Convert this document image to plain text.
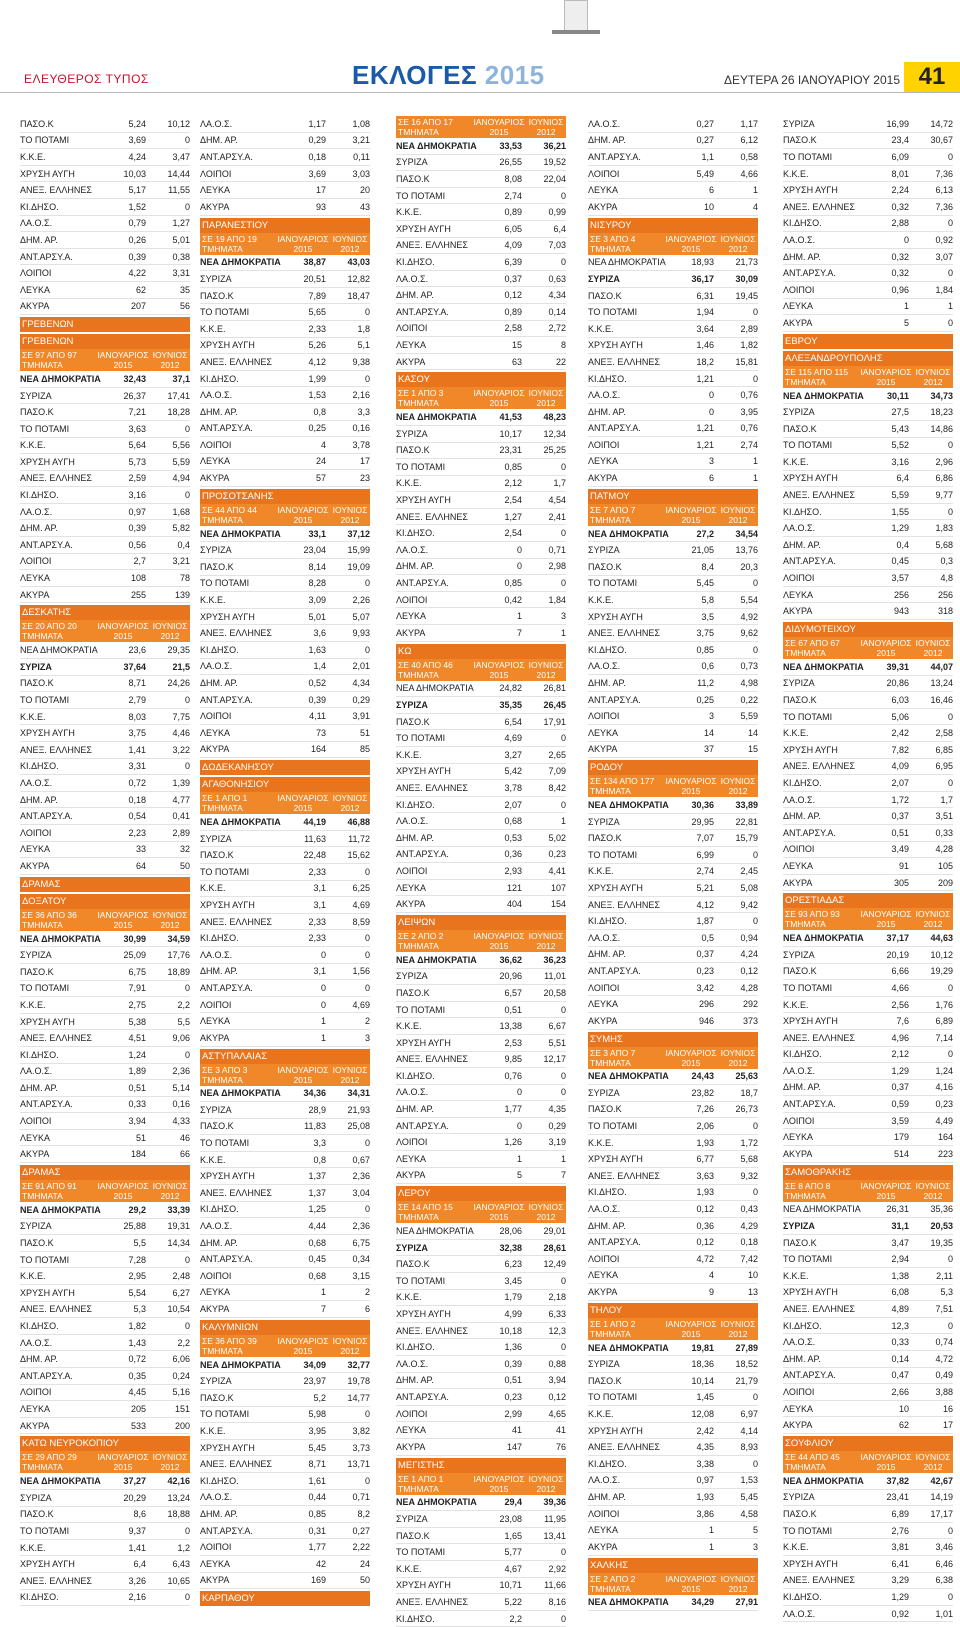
ΕΛΕΥΘΕΡΟΣ ΤΥΠΟΣ	ΕΚΛΟΓΕΣ 2015	ΔΕΥΤΕΡΑ 26 ΙΑΝΟΥΑΡΙΟΥ 2015 41
ΠΑΣΟ.Κ	5,24	10,12
ΤΟ ΠΟΤΑΜΙ	3,69	0
Κ.Κ.Ε.	4,24	3,47
ΧΡΥΣΗ ΑΥΓΗ	10,03	14,44
ΑΝΕΞ. ΕΛΛΗΝΕΣ	5,17	11,55
ΚΙ.ΔΗΣΟ.	1,52	0
ΛΑ.Ο.Σ.	0,79	1,27
ΔΗΜ. ΑΡ.	0,26	5,01
ΑΝΤ.ΑΡΣΥ.Α.	0,39	0,38
ΛΟΙΠΟΙ	4,22	3,31
ΛΕΥΚΑ	62	35
ΑΚΥΡΑ	207	56
ΓΡΕΒΕΝΩΝ
ΓΡΕΒΕΝΩΝ
ΣΕ 97 ΑΠΟ 97 ΤΜΗΜΑΤΑ
ΙΑΝΟΥΑΡΙΟΣ 2015
ΙΟΥΝΙΟΣ 2012
ΝΕΑ ΔΗΜΟΚΡΑΤΙΑ	32,43	37,1
ΣΥΡΙΖΑ	26,37	17,41
ΠΑΣΟ.Κ	7,21	18,28
ΤΟ ΠΟΤΑΜΙ	3,63	0
Κ.Κ.Ε.	5,64	5,56
ΧΡΥΣΗ ΑΥΓΗ	5,73	5,59
ΑΝΕΞ. ΕΛΛΗΝΕΣ	2,59	4,94
ΚΙ.ΔΗΣΟ.	3,16	0
ΛΑ.Ο.Σ.	0,97	1,68
ΔΗΜ. ΑΡ.	0,39	5,82
ΑΝΤ.ΑΡΣΥ.Α.	0,56	0,4
ΛΟΙΠΟΙ	2,7	3,21
ΛΕΥΚΑ	108	78
ΑΚΥΡΑ	255	139
ΔΕΣΚΑΤΗΣ
ΣΕ 20 ΑΠΟ 20 ΤΜΗΜΑΤΑ
ΙΑΝΟΥΑΡΙΟΣ 2015
ΙΟΥΝΙΟΣ 2012
ΝΕΑ ΔΗΜΟΚΡΑΤΙΑ	23,6	29,35
ΣΥΡΙΖΑ	37,64	21,5
ΠΑΣΟ.Κ	8,71	24,26
ΤΟ ΠΟΤΑΜΙ	2,79	0
Κ.Κ.Ε.	8,03	7,75
ΧΡΥΣΗ ΑΥΓΗ	3,75	4,46
ΑΝΕΞ. ΕΛΛΗΝΕΣ	1,41	3,22
ΚΙ.ΔΗΣΟ.	3,31	0
ΛΑ.Ο.Σ.	0,72	1,39
ΔΗΜ. ΑΡ.	0,18	4,77
ΑΝΤ.ΑΡΣΥ.Α.	0,54	0,41
ΛΟΙΠΟΙ	2,23	2,89
ΛΕΥΚΑ	33	32
ΑΚΥΡΑ	64	50
ΔΡΑΜΑΣ
ΔΟΞΑΤΟΥ
ΣΕ 36 ΑΠΟ 36 ΤΜΗΜΑΤΑ
ΙΑΝΟΥΑΡΙΟΣ 2015
ΙΟΥΝΙΟΣ 2012
ΝΕΑ ΔΗΜΟΚΡΑΤΙΑ	30,99	34,59
ΣΥΡΙΖΑ	25,09	17,76
ΠΑΣΟ.Κ	6,75	18,89
ΤΟ ΠΟΤΑΜΙ	7,91	0
Κ.Κ.Ε.	2,75	2,2
ΧΡΥΣΗ ΑΥΓΗ	5,38	5,5
ΑΝΕΞ. ΕΛΛΗΝΕΣ	4,51	9,06
ΚΙ.ΔΗΣΟ.	1,24	0
ΛΑ.Ο.Σ.	1,89	2,36
ΔΗΜ. ΑΡ.	0,51	5,14
ΑΝΤ.ΑΡΣΥ.Α.	0,33	0,16
ΛΟΙΠΟΙ	3,94	4,33
ΛΕΥΚΑ	51	46
ΑΚΥΡΑ	184	66
ΔΡΑΜΑΣ
ΣΕ 91 ΑΠΟ 91 ΤΜΗΜΑΤΑ
ΙΑΝΟΥΑΡΙΟΣ 2015
ΙΟΥΝΙΟΣ 2012
ΝΕΑ ΔΗΜΟΚΡΑΤΙΑ	29,2	33,39
ΣΥΡΙΖΑ	25,88	19,31
ΠΑΣΟ.Κ	5,5	14,34
ΤΟ ΠΟΤΑΜΙ	7,28	0
Κ.Κ.Ε.	2,95	2,48
ΧΡΥΣΗ ΑΥΓΗ	5,54	6,27
ΑΝΕΞ. ΕΛΛΗΝΕΣ	5,3	10,54
ΚΙ.ΔΗΣΟ.	1,82	0
ΛΑ.Ο.Σ.	1,43	2,2
ΔΗΜ. ΑΡ.	0,72	6,06
ΑΝΤ.ΑΡΣΥ.Α.	0,35	0,24
ΛΟΙΠΟΙ	4,45	5,16
ΛΕΥΚΑ	205	151
ΑΚΥΡΑ	533	200
ΚΑΤΩ ΝΕΥΡΟΚΟΠΙΟΥ
ΣΕ 29 ΑΠΟ 29 ΤΜΗΜΑΤΑ
ΙΑΝΟΥΑΡΙΟΣ 2015
ΙΟΥΝΙΟΣ 2012
ΝΕΑ ΔΗΜΟΚΡΑΤΙΑ	37,27	42,16
ΣΥΡΙΖΑ	20,29	13,24
ΠΑΣΟ.Κ	8,6	18,88
ΤΟ ΠΟΤΑΜΙ	9,37	0
Κ.Κ.Ε.	1,41	1,2
ΧΡΥΣΗ ΑΥΓΗ	6,4	6,43
ΑΝΕΞ. ΕΛΛΗΝΕΣ	3,26	10,65
ΚΙ.ΔΗΣΟ.	2,16	0
ΛΑ.Ο.Σ.	1,17	1,08
ΔΗΜ. ΑΡ.	0,29	3,21
ΑΝΤ.ΑΡΣΥ.Α.	0,18	0,11
ΛΟΙΠΟΙ	3,69	3,03
ΛΕΥΚΑ	17	20
ΑΚΥΡΑ	93	43
ΠΑΡΑΝΕΣΤΙΟΥ
ΣΕ 19 ΑΠΟ 19 ΤΜΗΜΑΤΑ
ΙΑΝΟΥΑΡΙΟΣ 2015
ΙΟΥΝΙΟΣ 2012
ΝΕΑ ΔΗΜΟΚΡΑΤΙΑ	38,87	43,03
ΣΥΡΙΖΑ	20,51	12,82
ΠΑΣΟ.Κ	7,89	18,47
ΤΟ ΠΟΤΑΜΙ	5,65	0
Κ.Κ.Ε.	2,33	1,8
ΧΡΥΣΗ ΑΥΓΗ	5,26	5,1
ΑΝΕΞ. ΕΛΛΗΝΕΣ	4,12	9,38
ΚΙ.ΔΗΣΟ.	1,99	0
ΛΑ.Ο.Σ.	1,53	2,16
ΔΗΜ. ΑΡ.	0,8	3,3
ΑΝΤ.ΑΡΣΥ.Α.	0,25	0,16
ΛΟΙΠΟΙ	4	3,78
ΛΕΥΚΑ	24	17
ΑΚΥΡΑ	57	23
ΠΡΟΣΟΤΣΑΝΗΣ
ΣΕ 44 ΑΠΟ 44 ΤΜΗΜΑΤΑ
ΙΑΝΟΥΑΡΙΟΣ 2015
ΙΟΥΝΙΟΣ 2012
ΝΕΑ ΔΗΜΟΚΡΑΤΙΑ	33,1	37,12
ΣΥΡΙΖΑ	23,04	15,99
ΠΑΣΟ.Κ	8,14	19,09
ΤΟ ΠΟΤΑΜΙ	8,28	0
Κ.Κ.Ε.	3,09	2,26
ΧΡΥΣΗ ΑΥΓΗ	5,01	5,07
ΑΝΕΞ. ΕΛΛΗΝΕΣ	3,6	9,93
ΚΙ.ΔΗΣΟ.	1,63	0
ΛΑ.Ο.Σ.	1,4	2,01
ΔΗΜ. ΑΡ.	0,52	4,34
ΑΝΤ.ΑΡΣΥ.Α.	0,39	0,29
ΛΟΙΠΟΙ	4,11	3,91
ΛΕΥΚΑ	73	51
ΑΚΥΡΑ	164	85
ΔΩΔΕΚΑΝΗΣΟΥ
ΑΓΑΘΟΝΗΣΙΟΥ
ΣΕ 1 ΑΠΟ 1 ΤΜΗΜΑΤΑ
ΙΑΝΟΥΑΡΙΟΣ 2015
ΙΟΥΝΙΟΣ 2012
ΝΕΑ ΔΗΜΟΚΡΑΤΙΑ	44,19	46,88
ΣΥΡΙΖΑ	11,63	11,72
ΠΑΣΟ.Κ	22,48	15,62
ΤΟ ΠΟΤΑΜΙ	2,33	0
Κ.Κ.Ε.	3,1	6,25
ΧΡΥΣΗ ΑΥΓΗ	3,1	4,69
ΑΝΕΞ. ΕΛΛΗΝΕΣ	2,33	8,59
ΚΙ.ΔΗΣΟ.	2,33	0
ΛΑ.Ο.Σ.	0	0
ΔΗΜ. ΑΡ.	3,1	1,56
ΑΝΤ.ΑΡΣΥ.Α.	0	0
ΛΟΙΠΟΙ	0	4,69
ΛΕΥΚΑ	1	2
ΑΚΥΡΑ	1	3
ΑΣΤΥΠΑΛΑΙΑΣ
ΣΕ 3 ΑΠΟ 3 ΤΜΗΜΑΤΑ
ΙΑΝΟΥΑΡΙΟΣ 2015
ΙΟΥΝΙΟΣ 2012
ΝΕΑ ΔΗΜΟΚΡΑΤΙΑ	34,36	34,31
ΣΥΡΙΖΑ	28,9	21,93
ΠΑΣΟ.Κ	11,83	25,08
ΤΟ ΠΟΤΑΜΙ	3,3	0
Κ.Κ.Ε.	0,8	0,67
ΧΡΥΣΗ ΑΥΓΗ	1,37	2,36
ΑΝΕΞ. ΕΛΛΗΝΕΣ	1,37	3,04
ΚΙ.ΔΗΣΟ.	1,25	0
ΛΑ.Ο.Σ.	4,44	2,36
ΔΗΜ. ΑΡ.	0,68	6,75
ΑΝΤ.ΑΡΣΥ.Α.	0,45	0,34
ΛΟΙΠΟΙ	0,68	3,15
ΛΕΥΚΑ	1	2
ΑΚΥΡΑ	7	6
ΚΑΛΥΜΝΙΩΝ
ΣΕ 36 ΑΠΟ 39 ΤΜΗΜΑΤΑ
ΙΑΝΟΥΑΡΙΟΣ 2015
ΙΟΥΝΙΟΣ 2012
ΝΕΑ ΔΗΜΟΚΡΑΤΙΑ	34,09	32,77
ΣΥΡΙΖΑ	23,97	19,78
ΠΑΣΟ.Κ	5,2	14,77
ΤΟ ΠΟΤΑΜΙ	5,98	0
Κ.Κ.Ε.	3,95	3,82
ΧΡΥΣΗ ΑΥΓΗ	5,45	3,73
ΑΝΕΞ. ΕΛΛΗΝΕΣ	8,71	13,71
ΚΙ.ΔΗΣΟ.	1,61	0
ΛΑ.Ο.Σ.	0,44	0,71
ΔΗΜ. ΑΡ.	0,85	8,2
ΑΝΤ.ΑΡΣΥ.Α.	0,31	0,27
ΛΟΙΠΟΙ	1,77	2,22
ΛΕΥΚΑ	42	24
ΑΚΥΡΑ	169	50
ΚΑΡΠΑΘΟΥ
ΣΕ 16 ΑΠΟ 17 ΤΜΗΜΑΤΑ
ΙΑΝΟΥΑΡΙΟΣ 2015
ΙΟΥΝΙΟΣ 2012
ΝΕΑ ΔΗΜΟΚΡΑΤΙΑ	33,53	36,21
ΣΥΡΙΖΑ	26,55	19,52
ΠΑΣΟ.Κ	8,08	22,04
ΤΟ ΠΟΤΑΜΙ	2,74	0
Κ.Κ.Ε.	0,89	0,99
ΧΡΥΣΗ ΑΥΓΗ	6,05	6,4
ΑΝΕΞ. ΕΛΛΗΝΕΣ	4,09	7,03
ΚΙ.ΔΗΣΟ.	6,39	0
ΛΑ.Ο.Σ.	0,37	0,63
ΔΗΜ. ΑΡ.	0,12	4,34
ΑΝΤ.ΑΡΣΥ.Α.	0,89	0,14
ΛΟΙΠΟΙ	2,58	2,72
ΛΕΥΚΑ	15	8
ΑΚΥΡΑ	63	22
ΚΑΣΟΥ
ΣΕ 1 ΑΠΟ 3 ΤΜΗΜΑΤΑ
ΙΑΝΟΥΑΡΙΟΣ 2015
ΙΟΥΝΙΟΣ 2012
ΝΕΑ ΔΗΜΟΚΡΑΤΙΑ	41,53	48,23
ΣΥΡΙΖΑ	10,17	12,34
ΠΑΣΟ.Κ	23,31	25,25
ΤΟ ΠΟΤΑΜΙ	0,85	0
Κ.Κ.Ε.	2,12	1,7
ΧΡΥΣΗ ΑΥΓΗ	2,54	4,54
ΑΝΕΞ. ΕΛΛΗΝΕΣ	1,27	2,41
ΚΙ.ΔΗΣΟ.	2,54	0
ΛΑ.Ο.Σ.	0	0,71
ΔΗΜ. ΑΡ.	0	2,98
ΑΝΤ.ΑΡΣΥ.Α.	0,85	0
ΛΟΙΠΟΙ	0,42	1,84
ΛΕΥΚΑ	1	3
ΑΚΥΡΑ	7	1
ΚΩ
ΣΕ 40 ΑΠΟ 46 ΤΜΗΜΑΤΑ
ΙΑΝΟΥΑΡΙΟΣ 2015
ΙΟΥΝΙΟΣ 2012
ΝΕΑ ΔΗΜΟΚΡΑΤΙΑ	24,82	26,81
ΣΥΡΙΖΑ	35,35	26,45
ΠΑΣΟ.Κ	6,54	17,91
ΤΟ ΠΟΤΑΜΙ	4,69	0
Κ.Κ.Ε.	3,27	2,65
ΧΡΥΣΗ ΑΥΓΗ	5,42	7,09
ΑΝΕΞ. ΕΛΛΗΝΕΣ	3,78	8,42
ΚΙ.ΔΗΣΟ.	2,07	0
ΛΑ.Ο.Σ.	0,68	1
ΔΗΜ. ΑΡ.	0,53	5,02
ΑΝΤ.ΑΡΣΥ.Α.	0,36	0,23
ΛΟΙΠΟΙ	2,93	4,41
ΛΕΥΚΑ	121	107
ΑΚΥΡΑ	404	154
ΛΕΙΨΩΝ
ΣΕ 2 ΑΠΟ 2 ΤΜΗΜΑΤΑ
ΙΑΝΟΥΑΡΙΟΣ 2015
ΙΟΥΝΙΟΣ 2012
ΝΕΑ ΔΗΜΟΚΡΑΤΙΑ	36,62	36,23
ΣΥΡΙΖΑ	20,96	11,01
ΠΑΣΟ.Κ	6,57	20,58
ΤΟ ΠΟΤΑΜΙ	0,51	0
Κ.Κ.Ε.	13,38	6,67
ΧΡΥΣΗ ΑΥΓΗ	2,53	5,51
ΑΝΕΞ. ΕΛΛΗΝΕΣ	9,85	12,17
ΚΙ.ΔΗΣΟ.	0,76	0
ΛΑ.Ο.Σ.	0	0
ΔΗΜ. ΑΡ.	1,77	4,35
ΑΝΤ.ΑΡΣΥ.Α.	0	0,29
ΛΟΙΠΟΙ	1,26	3,19
ΛΕΥΚΑ	1	1
ΑΚΥΡΑ	5	7
ΛΕΡΟΥ
ΣΕ 14 ΑΠΟ 15 ΤΜΗΜΑΤΑ
ΙΑΝΟΥΑΡΙΟΣ 2015
ΙΟΥΝΙΟΣ 2012
ΝΕΑ ΔΗΜΟΚΡΑΤΙΑ	28,06	29,01
ΣΥΡΙΖΑ	32,38	28,61
ΠΑΣΟ.Κ	6,23	12,49
ΤΟ ΠΟΤΑΜΙ	3,45	0
Κ.Κ.Ε.	1,79	2,18
ΧΡΥΣΗ ΑΥΓΗ	4,99	6,33
ΑΝΕΞ. ΕΛΛΗΝΕΣ	10,18	12,3
ΚΙ.ΔΗΣΟ.	1,36	0
ΛΑ.Ο.Σ.	0,39	0,88
ΔΗΜ. ΑΡ.	0,51	3,94
ΑΝΤ.ΑΡΣΥ.Α.	0,23	0,12
ΛΟΙΠΟΙ	2,99	4,65
ΛΕΥΚΑ	41	41
ΑΚΥΡΑ	147	76
ΜΕΓΙΣΤΗΣ
ΣΕ 1 ΑΠΟ 1 ΤΜΗΜΑΤΑ
ΙΑΝΟΥΑΡΙΟΣ 2015
ΙΟΥΝΙΟΣ 2012
ΝΕΑ ΔΗΜΟΚΡΑΤΙΑ	29,4	39,36
ΣΥΡΙΖΑ	23,08	11,95
ΠΑΣΟ.Κ	1,65	13,41
ΤΟ ΠΟΤΑΜΙ	5,77	0
Κ.Κ.Ε.	4,67	2,92
ΧΡΥΣΗ ΑΥΓΗ	10,71	11,66
ΑΝΕΞ. ΕΛΛΗΝΕΣ	5,22	8,16
ΚΙ.ΔΗΣΟ.	2,2	0
ΛΑ.Ο.Σ.	0,27	1,17
ΔΗΜ. ΑΡ.	0,27	6,12
ΑΝΤ.ΑΡΣΥ.Α.	1,1	0,58
ΛΟΙΠΟΙ	5,49	4,66
ΛΕΥΚΑ	6	1
ΑΚΥΡΑ	10	4
ΝΙΣΥΡΟΥ
ΣΕ 3 ΑΠΟ 4 ΤΜΗΜΑΤΑ
ΙΑΝΟΥΑΡΙΟΣ 2015
ΙΟΥΝΙΟΣ 2012
ΝΕΑ ΔΗΜΟΚΡΑΤΙΑ	18,93	21,73
ΣΥΡΙΖΑ	36,17	30,09
ΠΑΣΟ.Κ	6,31	19,45
ΤΟ ΠΟΤΑΜΙ	1,94	0
Κ.Κ.Ε.	3,64	2,89
ΧΡΥΣΗ ΑΥΓΗ	1,46	1,82
ΑΝΕΞ. ΕΛΛΗΝΕΣ	18,2	15,81
ΚΙ.ΔΗΣΟ.	1,21	0
ΛΑ.Ο.Σ.	0	0,76
ΔΗΜ. ΑΡ.	0	3,95
ΑΝΤ.ΑΡΣΥ.Α.	1,21	0,76
ΛΟΙΠΟΙ	1,21	2,74
ΛΕΥΚΑ	3	1
ΑΚΥΡΑ	6	1
ΠΑΤΜΟΥ
ΣΕ 7 ΑΠΟ 7 ΤΜΗΜΑΤΑ
ΙΑΝΟΥΑΡΙΟΣ 2015
ΙΟΥΝΙΟΣ 2012
ΝΕΑ ΔΗΜΟΚΡΑΤΙΑ	27,2	34,54
ΣΥΡΙΖΑ	21,05	13,76
ΠΑΣΟ.Κ	8,4	20,3
ΤΟ ΠΟΤΑΜΙ	5,45	0
Κ.Κ.Ε.	5,8	5,54
ΧΡΥΣΗ ΑΥΓΗ	3,5	4,92
ΑΝΕΞ. ΕΛΛΗΝΕΣ	3,75	9,62
ΚΙ.ΔΗΣΟ.	0,85	0
ΛΑ.Ο.Σ.	0,6	0,73
ΔΗΜ. ΑΡ.	11,2	4,98
ΑΝΤ.ΑΡΣΥ.Α.	0,25	0,22
ΛΟΙΠΟΙ	3	5,59
ΛΕΥΚΑ	14	14
ΑΚΥΡΑ	37	15
ΡΟΔΟΥ
ΣΕ 134 ΑΠΟ 177 ΤΜΗΜΑΤΑ
ΙΑΝΟΥΑΡΙΟΣ 2015
ΙΟΥΝΙΟΣ 2012
ΝΕΑ ΔΗΜΟΚΡΑΤΙΑ	30,36	33,89
ΣΥΡΙΖΑ	29,95	22,81
ΠΑΣΟ.Κ	7,07	15,79
ΤΟ ΠΟΤΑΜΙ	6,99	0
Κ.Κ.Ε.	2,74	2,45
ΧΡΥΣΗ ΑΥΓΗ	5,21	5,08
ΑΝΕΞ. ΕΛΛΗΝΕΣ	4,12	9,42
ΚΙ.ΔΗΣΟ.	1,87	0
ΛΑ.Ο.Σ.	0,5	0,94
ΔΗΜ. ΑΡ.	0,37	4,24
ΑΝΤ.ΑΡΣΥ.Α.	0,23	0,12
ΛΟΙΠΟΙ	3,42	4,28
ΛΕΥΚΑ	296	292
ΑΚΥΡΑ	946	373
ΣΥΜΗΣ
ΣΕ 3 ΑΠΟ 7 ΤΜΗΜΑΤΑ
ΙΑΝΟΥΑΡΙΟΣ 2015
ΙΟΥΝΙΟΣ 2012
ΝΕΑ ΔΗΜΟΚΡΑΤΙΑ	24,43	25,63
ΣΥΡΙΖΑ	23,82	18,7
ΠΑΣΟ.Κ	7,26	26,73
ΤΟ ΠΟΤΑΜΙ	2,06	0
Κ.Κ.Ε.	1,93	1,72
ΧΡΥΣΗ ΑΥΓΗ	6,77	5,68
ΑΝΕΞ. ΕΛΛΗΝΕΣ	3,63	9,32
ΚΙ.ΔΗΣΟ.	1,93	0
ΛΑ.Ο.Σ.	0,12	0,43
ΔΗΜ. ΑΡ.	0,36	4,29
ΑΝΤ.ΑΡΣΥ.Α.	0,12	0,18
ΛΟΙΠΟΙ	4,72	7,42
ΛΕΥΚΑ	4	10
ΑΚΥΡΑ	9	13
ΤΗΛΟΥ
ΣΕ 1 ΑΠΟ 2 ΤΜΗΜΑΤΑ
ΙΑΝΟΥΑΡΙΟΣ 2015
ΙΟΥΝΙΟΣ 2012
ΝΕΑ ΔΗΜΟΚΡΑΤΙΑ	19,81	27,89
ΣΥΡΙΖΑ	18,36	18,52
ΠΑΣΟ.Κ	10,14	21,79
ΤΟ ΠΟΤΑΜΙ	1,45	0
Κ.Κ.Ε.	12,08	6,97
ΧΡΥΣΗ ΑΥΓΗ	2,42	4,14
ΑΝΕΞ. ΕΛΛΗΝΕΣ	4,35	8,93
ΚΙ.ΔΗΣΟ.	3,38	0
ΛΑ.Ο.Σ.	0,97	1,53
ΔΗΜ. ΑΡ.	1,93	5,45
ΛΟΙΠΟΙ	3,86	4,58
ΛΕΥΚΑ	1	5
ΑΚΥΡΑ	1	3
ΧΑΛΚΗΣ
ΣΕ 2 ΑΠΟ 2 ΤΜΗΜΑΤΑ
ΙΑΝΟΥΑΡΙΟΣ 2015
ΙΟΥΝΙΟΣ 2012
ΝΕΑ ΔΗΜΟΚΡΑΤΙΑ	34,29	27,91
ΣΥΡΙΖΑ	16,99	14,72
ΠΑΣΟ.Κ	23,4	30,67
ΤΟ ΠΟΤΑΜΙ	6,09	0
Κ.Κ.Ε.	8,01	7,36
ΧΡΥΣΗ ΑΥΓΗ	2,24	6,13
ΑΝΕΞ. ΕΛΛΗΝΕΣ	0,32	7,36
ΚΙ.ΔΗΣΟ.	2,88	0
ΛΑ.Ο.Σ.	0	0,92
ΔΗΜ. ΑΡ.	0,32	3,07
ΑΝΤ.ΑΡΣΥ.Α.	0,32	0
ΛΟΙΠΟΙ	0,96	1,84
ΛΕΥΚΑ	1	1
ΑΚΥΡΑ	5	0
ΕΒΡΟΥ
ΑΛΕΞΑΝΔΡΟΥΠΟΛΗΣ
ΣΕ 115 ΑΠΟ 115 ΤΜΗΜΑΤΑ
ΙΑΝΟΥΑΡΙΟΣ 2015
ΙΟΥΝΙΟΣ 2012
ΝΕΑ ΔΗΜΟΚΡΑΤΙΑ	30,11	34,73
ΣΥΡΙΖΑ	27,5	18,23
ΠΑΣΟ.Κ	5,43	14,86
ΤΟ ΠΟΤΑΜΙ	5,52	0
Κ.Κ.Ε.	3,16	2,96
ΧΡΥΣΗ ΑΥΓΗ	6,4	6,86
ΑΝΕΞ. ΕΛΛΗΝΕΣ	5,59	9,77
ΚΙ.ΔΗΣΟ.	1,55	0
ΛΑ.Ο.Σ.	1,29	1,83
ΔΗΜ. ΑΡ.	0,4	5,68
ΑΝΤ.ΑΡΣΥ.Α.	0,45	0,3
ΛΟΙΠΟΙ	3,57	4,8
ΛΕΥΚΑ	256	256
ΑΚΥΡΑ	943	318
ΔΙΔΥΜΟΤΕΙΧΟΥ
ΣΕ 67 ΑΠΟ 67 ΤΜΗΜΑΤΑ
ΙΑΝΟΥΑΡΙΟΣ 2015
ΙΟΥΝΙΟΣ 2012
ΝΕΑ ΔΗΜΟΚΡΑΤΙΑ	39,31	44,07
ΣΥΡΙΖΑ	20,86	13,24
ΠΑΣΟ.Κ	6,03	16,46
ΤΟ ΠΟΤΑΜΙ	5,06	0
Κ.Κ.Ε.	2,42	2,58
ΧΡΥΣΗ ΑΥΓΗ	7,82	6,85
ΑΝΕΞ. ΕΛΛΗΝΕΣ	4,09	6,95
ΚΙ.ΔΗΣΟ.	2,07	0
ΛΑ.Ο.Σ.	1,72	1,7
ΔΗΜ. ΑΡ.	0,37	3,51
ΑΝΤ.ΑΡΣΥ.Α.	0,51	0,33
ΛΟΙΠΟΙ	3,49	4,28
ΛΕΥΚΑ	91	105
ΑΚΥΡΑ	305	209
ΟΡΕΣΤΙΑΔΑΣ
ΣΕ 93 ΑΠΟ 93 ΤΜΗΜΑΤΑ
ΙΑΝΟΥΑΡΙΟΣ 2015
ΙΟΥΝΙΟΣ 2012
ΝΕΑ ΔΗΜΟΚΡΑΤΙΑ	37,17	44,63
ΣΥΡΙΖΑ	20,19	10,12
ΠΑΣΟ.Κ	6,66	19,29
ΤΟ ΠΟΤΑΜΙ	4,66	0
Κ.Κ.Ε.	2,56	1,76
ΧΡΥΣΗ ΑΥΓΗ	7,6	6,89
ΑΝΕΞ. ΕΛΛΗΝΕΣ	4,96	7,14
ΚΙ.ΔΗΣΟ.	2,12	0
ΛΑ.Ο.Σ.	1,29	1,24
ΔΗΜ. ΑΡ.	0,37	4,16
ΑΝΤ.ΑΡΣΥ.Α.	0,59	0,23
ΛΟΙΠΟΙ	3,59	4,49
ΛΕΥΚΑ	179	164
ΑΚΥΡΑ	514	223
ΣΑΜΟΘΡΑΚΗΣ
ΣΕ 8 ΑΠΟ 8 ΤΜΗΜΑΤΑ
ΙΑΝΟΥΑΡΙΟΣ 2015
ΙΟΥΝΙΟΣ 2012
ΝΕΑ ΔΗΜΟΚΡΑΤΙΑ	26,31	35,36
ΣΥΡΙΖΑ	31,1	20,53
ΠΑΣΟ.Κ	3,47	19,35
ΤΟ ΠΟΤΑΜΙ	2,94	0
Κ.Κ.Ε.	1,38	2,11
ΧΡΥΣΗ ΑΥΓΗ	6,08	5,3
ΑΝΕΞ. ΕΛΛΗΝΕΣ	4,89	7,51
ΚΙ.ΔΗΣΟ.	12,3	0
ΛΑ.Ο.Σ.	0,33	0,74
ΔΗΜ. ΑΡ.	0,14	4,72
ΑΝΤ.ΑΡΣΥ.Α.	0,47	0,49
ΛΟΙΠΟΙ	2,66	3,88
ΛΕΥΚΑ	10	16
ΑΚΥΡΑ	62	17
ΣΟΥΦΛΙΟΥ
ΣΕ 44 ΑΠΟ 45 ΤΜΗΜΑΤΑ
ΙΑΝΟΥΑΡΙΟΣ 2015
ΙΟΥΝΙΟΣ 2012
ΝΕΑ ΔΗΜΟΚΡΑΤΙΑ	37,82	42,67
ΣΥΡΙΖΑ	23,41	14,19
ΠΑΣΟ.Κ	6,89	17,17
ΤΟ ΠΟΤΑΜΙ	2,76	0
Κ.Κ.Ε.	3,81	3,46
ΧΡΥΣΗ ΑΥΓΗ	6,41	6,46
ΑΝΕΞ. ΕΛΛΗΝΕΣ	3,29	6,38
ΚΙ.ΔΗΣΟ.	1,29	0
ΛΑ.Ο.Σ.	0,92	1,01
